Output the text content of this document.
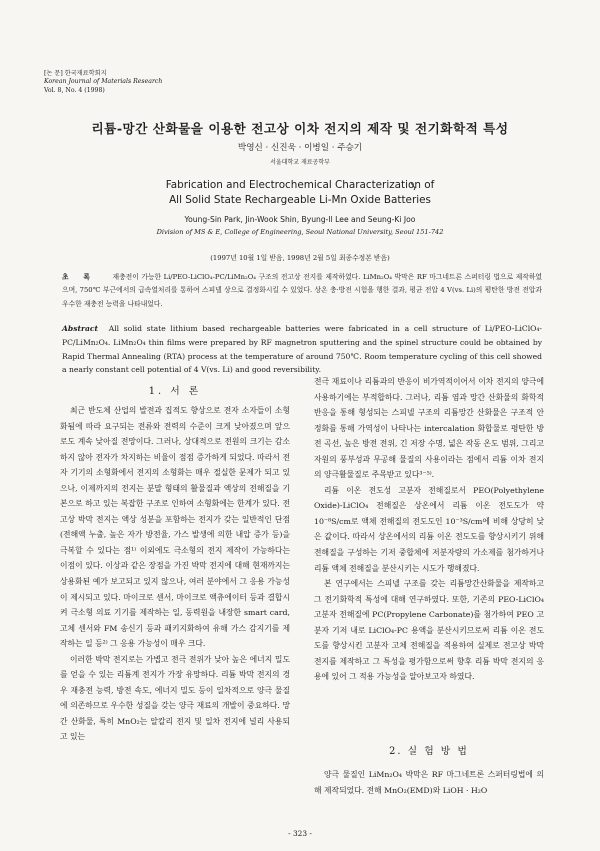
[논 문] 한국재료학회지
Korean Journal of Materials Research
Vol. 8, No. 4 (1998)
리튬-망간 산화물을 이용한 전고상 이차 전지의 제작 및 전기화학적 특성
박영신 · 신진욱 · 이병일 · 주승기
서울대학교 재료공학부
Fabrication and Electrochemical Characterization of
All Solid State Rechargeable Li-Mn Oxide Batteries
Young-Sin Park, Jin-Wook Shin, Byung-Il Lee and Seung-Ki Joo
Division of MS & E, College of Engineering, Seoul National University, Seoul 151-742
(1997년 10월 1일 받음, 1998년 2월 5일 최종수정본 받음)
초 록 재충전이 가능한 Li/PEO-LiClO₄-PC/LiMn₂O₄ 구조의 전고상 전지를 제작하였다. LiMn₂O₄ 박막은 RF 마그네트론 스퍼터링 법으로 제작하였으며, 750℃ 부근에서의 급속열처리를 통하여 스피넬 상으로 결정화시킬 수 있었다. 상온 충·방전 시험을 행한 결과, 평균 전압 4 V(vs. Li)의 평탄한 방전 전압과 우수한 재충전 능력을 나타내었다.
Abstract All solid state lithium based rechargeable batteries were fabricated in a cell structure of Li/PEO-LiClO₄-PC/LiMn₂O₄. LiMn₂O₄ thin films were prepared by RF magnetron sputtering and the spinel structure could be obtained by Rapid Thermal Annealing (RTA) process at the temperature of around 750℃. Room temperature cycling of this cell showed a nearly constant cell potential of 4 V(vs. Li) and good reversibility.
1. 서 론

최근 반도체 산업의 발전과 집적도 향상으로 전자 소자들이 소형화됨에 따라 요구되는 전류와 전력의 수준이 크게 낮아졌으며 앞으로도 계속 낮아질 전망이다. 그러나, 상대적으로 전원의 크기는 감소하지 않아 전자가 차지하는 비율이 점점 증가하게 되었다. 따라서 전자 기기의 소형화에서 전지의 소형화는 매우 절실한 문제가 되고 있으나, 이제까지의 전지는 분말 형태의 활물질과 액상의 전해질을 기본으로 하고 있는 복잡한 구조로 인하여 소형화에는 한계가 있다. 전고상 박막 전지는 액상 성분을 포함하는 전지가 갖는 일반적인 단점(전해액 누출, 높은 자가 방전율, 가스 발생에 의한 내압 증가 등)을 극복할 수 있다는 점¹⁾ 이외에도 극소형의 전지 제작이 가능하다는 이점이 있다. 이상과 같은 장점을 가진 박막 전지에 대해 현재까지는 상용화된 예가 보고되고 있지 않으나, 여러 분야에서 그 응용 가능성이 제시되고 있다. 마이크로 센서, 마이크로 액츄에이터 등과 결합시켜 극소형 의료 기기를 제작하는 일, 동력원을 내장한 smart card, 고체 센서와 FM 송신기 등과 패키지화하여 유해 가스 감지기를 제작하는 일 등²⁾ 그 응용 가능성이 매우 크다.

이러한 박막 전지로는 가볍고 전극 전위가 낮아 높은 에너지 밀도를 얻을 수 있는 리튬계 전지가 가장 유망하다. 리튬 박막 전지의 경우 재충전 능력, 방전 속도, 에너지 밀도 등이 일차적으로 양극 물질에 의존하므로 우수한 성질을 갖는 양극 재료의 개발이 중요하다. 망간 산화물, 특히 MnO₂는 알칼리 전지 및 일차 전지에 널리 사용되고 있는

전극 재료이나 리튬과의 반응이 비가역적이어서 이차 전지의 양극에 사용하기에는 부적합하다. 그러나, 리튬 염과 망간 산화물의 화학적 반응을 통해 형성되는 스피넬 구조의 리튬망간 산화물은 구조적 안정화를 통해 가역성이 나타나는 intercalation 화합물로 평탄한 방전 곡선, 높은 방전 전위, 긴 저장 수명, 넓은 작동 온도 범위, 그리고 자원의 풍부성과 무공해 물질의 사용이라는 점에서 리튬 이차 전지의 양극활물질로 주목받고 있다³⁻⁵⁾.

리튬 이온 전도성 고분자 전해질로서 PEO(Polyethylene Oxide)-LiClO₄ 전해질은 상온에서 리튬 이온 전도도가 약 10⁻⁸S/cm로 액체 전해질의 전도도인 10⁻³S/cm에 비해 상당히 낮은 값이다. 따라서 상온에서의 리튬 이온 전도도를 향상시키기 위해 전해질을 구성하는 기저 중합체에 저분자량의 가소제를 첨가하거나 리튬 액체 전해질을 분산시키는 시도가 행해졌다.

본 연구에서는 스피넬 구조를 갖는 리튬망간산화물을 제작하고 그 전기화학적 특성에 대해 연구하였다. 또한, 기존의 PEO-LiClO₄ 고분자 전해질에 PC(Propylene Carbonate)를 첨가하여 PEO 고분자 기저 내로 LiClO₄-PC 용액을 분산시키므로써 리튬 이온 전도도를 향상시킨 고분자 고체 전해질을 적용하여 실제로 전고상 박막 전지를 제작하고 그 특성을 평가함으로써 향후 리튬 박막 전지의 응용에 있어 그 적용 가능성을 알아보고자 하였다.

2. 실 험 방 법

양극 물질인 LiMn₂O₄ 박막은 RF 마그네트론 스퍼터링법에 의해 제작되었다. 전해 MnO₂(EMD)와 LiOH · H₂O

- 323 -
